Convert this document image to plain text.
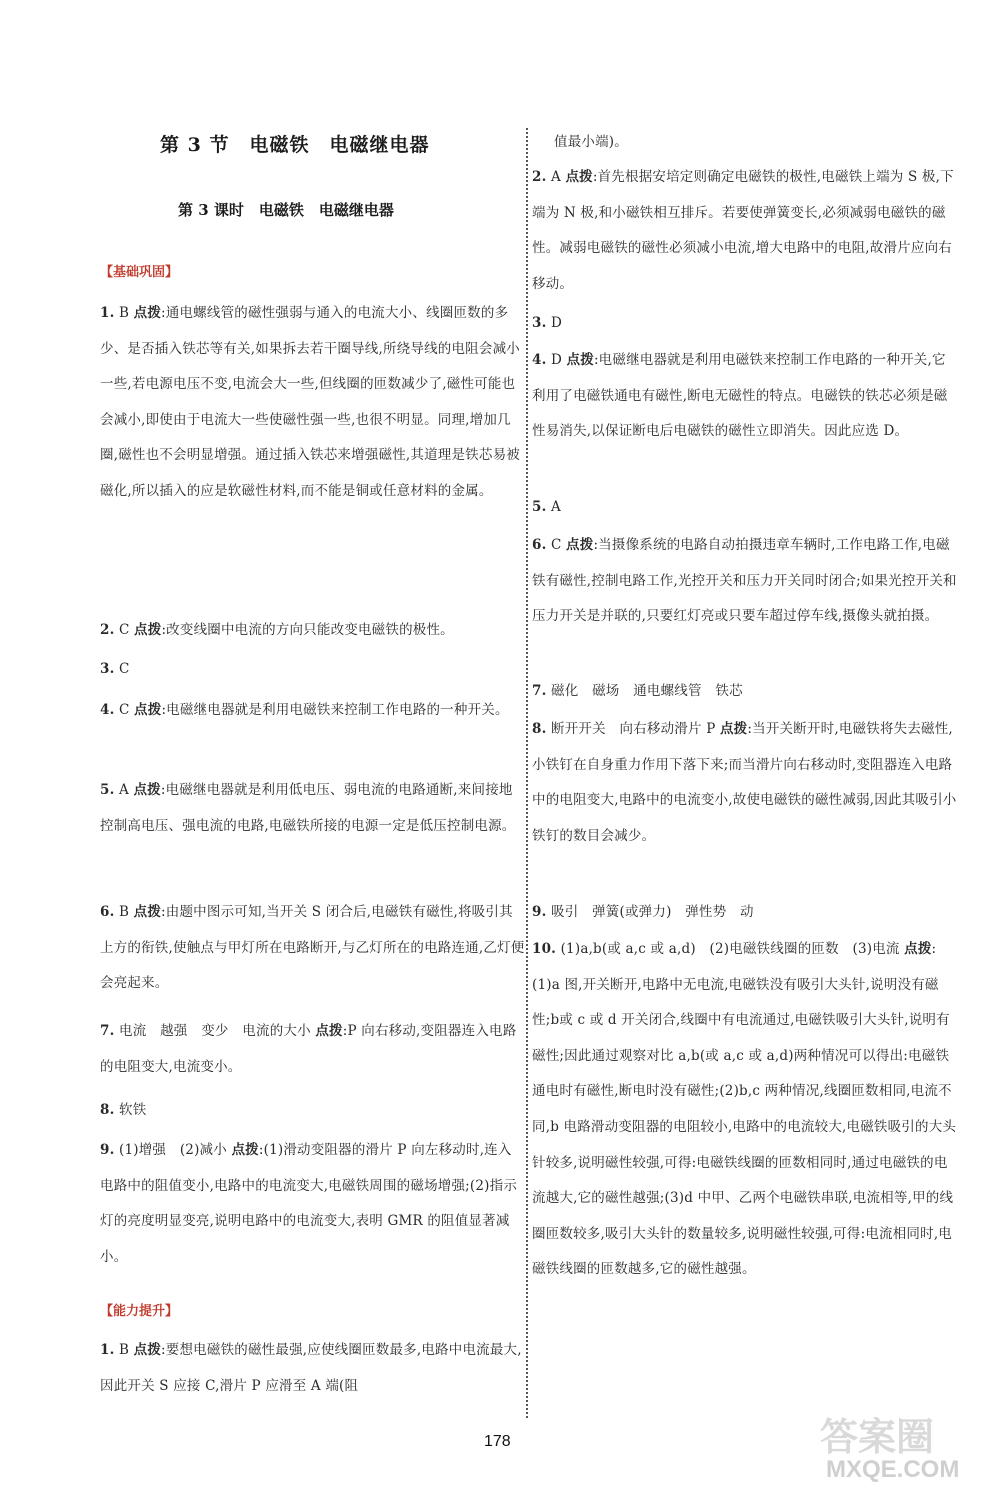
第 3 节　电磁铁　电磁继电器
第 3 课时　电磁铁　电磁继电器
【基础巩固】
【能力提升】
1. B 点拨:通电螺线管的磁性强弱与通入的电流大小、线圈匝数的多少、是否插入铁芯等有关,如果拆去若干圈导线,所绕导线的电阻会减小一些,若电源电压不变,电流会大一些,但线圈的匝数减少了,磁性可能也会减小,即使由于电流大一些使磁性强一些,也很不明显。同理,增加几圈,磁性也不会明显增强。通过插入铁芯来增强磁性,其道理是铁芯易被磁化,所以插入的应是软磁性材料,而不能是铜或任意材料的金属。
2. C 点拨:改变线圈中电流的方向只能改变电磁铁的极性。
3. C
4. C 点拨:电磁继电器就是利用电磁铁来控制工作电路的一种开关。
5. A 点拨:电磁继电器就是利用低电压、弱电流的电路通断,来间接地控制高电压、强电流的电路,电磁铁所接的电源一定是低压控制电源。
6. B 点拨:由题中图示可知,当开关 S 闭合后,电磁铁有磁性,将吸引其上方的衔铁,使触点与甲灯所在电路断开,与乙灯所在的电路连通,乙灯便会亮起来。
7. 电流　越强　变少　电流的大小 点拨:P 向右移动,变阻器连入电路的电阻变大,电流变小。
8. 软铁
9. (1)增强　(2)减小 点拨:(1)滑动变阻器的滑片 P 向左移动时,连入电路中的阻值变小,电路中的电流变大,电磁铁周围的磁场增强;(2)指示灯的亮度明显变亮,说明电路中的电流变大,表明 GMR 的阻值显著减小。
1. B 点拨:要想电磁铁的磁性最强,应使线圈匝数最多,电路中电流最大,因此开关 S 应接 C,滑片 P 应滑至 A 端(阻
值最小端)。
2. A 点拨:首先根据安培定则确定电磁铁的极性,电磁铁上端为 S 极,下端为 N 极,和小磁铁相互排斥。若要使弹簧变长,必须减弱电磁铁的磁性。减弱电磁铁的磁性必须减小电流,增大电路中的电阻,故滑片应向右移动。
3. D
4. D 点拨:电磁继电器就是利用电磁铁来控制工作电路的一种开关,它利用了电磁铁通电有磁性,断电无磁性的特点。电磁铁的铁芯必须是磁性易消失,以保证断电后电磁铁的磁性立即消失。因此应选 D。
5. A
6. C 点拨:当摄像系统的电路自动拍摄违章车辆时,工作电路工作,电磁铁有磁性,控制电路工作,光控开关和压力开关同时闭合;如果光控开关和压力开关是并联的,只要红灯亮或只要车超过停车线,摄像头就拍摄。
7. 磁化　磁场　通电螺线管　铁芯
8. 断开开关　向右移动滑片 P 点拨:当开关断开时,电磁铁将失去磁性,小铁钉在自身重力作用下落下来;而当滑片向右移动时,变阻器连入电路中的电阻变大,电路中的电流变小,故使电磁铁的磁性减弱,因此其吸引小铁钉的数目会减少。
9. 吸引　弹簧(或弹力)　弹性势　动
10. (1)a,b(或 a,c 或 a,d)　(2)电磁铁线圈的匝数　(3)电流 点拨:(1)a 图,开关断开,电路中无电流,电磁铁没有吸引大头针,说明没有磁性;b或 c 或 d 开关闭合,线圈中有电流通过,电磁铁吸引大头针,说明有磁性;因此通过观察对比 a,b(或 a,c 或 a,d)两种情况可以得出:电磁铁通电时有磁性,断电时没有磁性;(2)b,c 两种情况,线圈匝数相同,电流不同,b 电路滑动变阻器的电阻较小,电路中的电流较大,电磁铁吸引的大头针较多,说明磁性较强,可得:电磁铁线圈的匝数相同时,通过电磁铁的电流越大,它的磁性越强;(3)d 中甲、乙两个电磁铁串联,电流相等,甲的线圈匝数较多,吸引大头针的数量较多,说明磁性较强,可得:电流相同时,电磁铁线圈的匝数越多,它的磁性越强。
178	答案圈
MXQE.COM
